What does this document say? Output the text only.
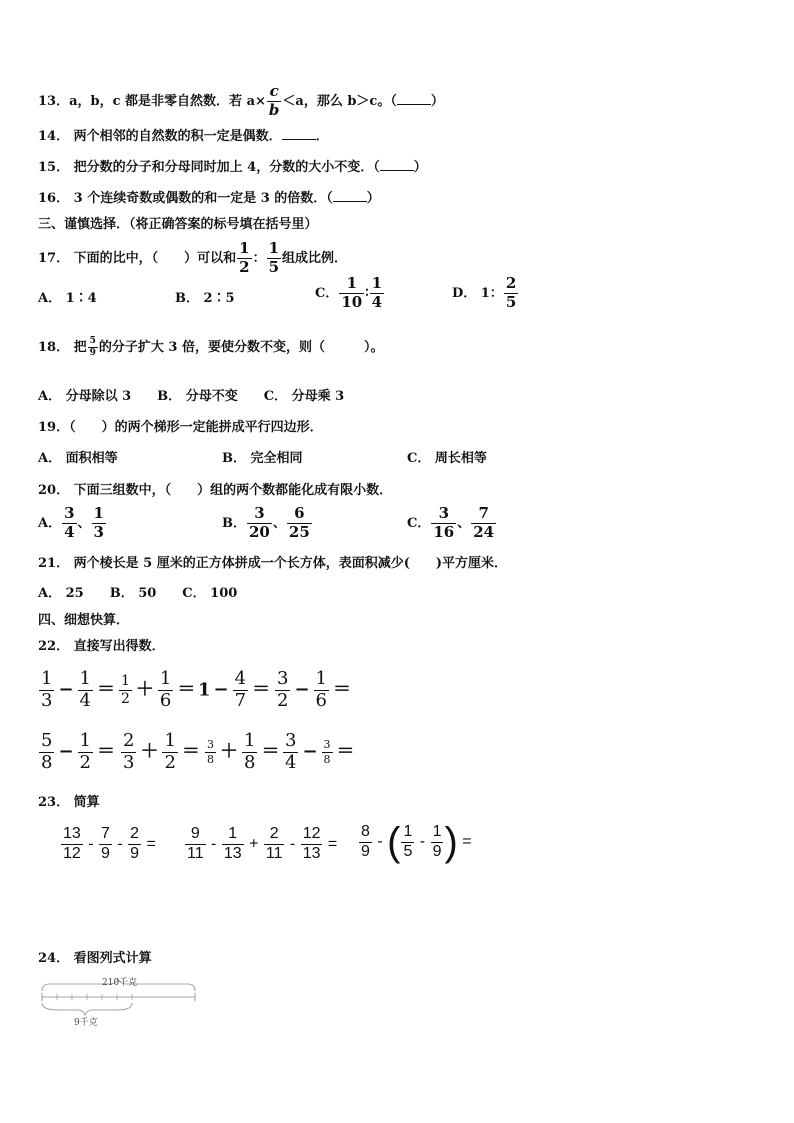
13．a，b，c 都是非零自然数．若 $a\times \frac{c}{b} <a$，那么 b＞c。（	）
14． 两个相邻的自然数的积一定是偶数．	．
15． 把分数的分子和分母同时加上 4，分数的大小不变．（	）
16． 3 个连续奇数或偶数的和一定是 3 的倍数．（	）
三、谨慎选择．（将正确答案的标号填在括号里）
17． 下面的比中，（　　）可以和 $\frac{1}{2}$ ： $\frac{1}{5}$ 组成比例．
A． 1∶4	B． 2∶5	C． $\frac{1}{10}$ ∶ $\frac{1}{4}$	D． 1： $\frac{2}{5}$
18． 把 $\frac{5}{9}$ 的分子扩大 3 倍，要使分数不变，则（　　　）。
A． 分母除以 3　　B． 分母不变　　C． 分母乘 3
19．（　　）的两个梯形一定能拼成平行四边形．
A． 面积相等	B． 完全相同	C． 周长相等
20． 下面三组数中，（　　）组的两个数都能化成有限小数．
A． $\frac{3}{4}$ 、 $\frac{1}{3}$	B． $\frac{3}{20}$ 、 $\frac{6}{25}$	C． $\frac{3}{16}$ 、 $\frac{7}{24}$
21． 两个棱长是 5 厘米的正方体拼成一个长方体，表面积减少(　　)平方厘米．
A． 25　　B． 50　　C． 100
四、细想快算．
22． 直接写出得数．
$\frac{1}{3} - \frac{1}{4} = \frac{1}{2} + \frac{1}{6} = 1 - \frac{4}{7} = \frac{3}{2} - \frac{1}{6}$ ＝
$\frac{5}{8} - \frac{1}{2} = \frac{2}{3} + \frac{1}{2} = \frac{3}{8} + \frac{1}{8} = \frac{3}{4} - \frac{3}{8}$ ＝
23． 简算
$\frac{13}{12} - \frac{7}{9} - \frac{2}{9} = \frac{9}{11} - \frac{1}{13} + \frac{2}{11} - \frac{12}{13} = \frac{8}{9}$ - ( $\frac{1}{5} - \frac{1}{9}$ ) =
24． 看图列式计算
210千克
9千克
